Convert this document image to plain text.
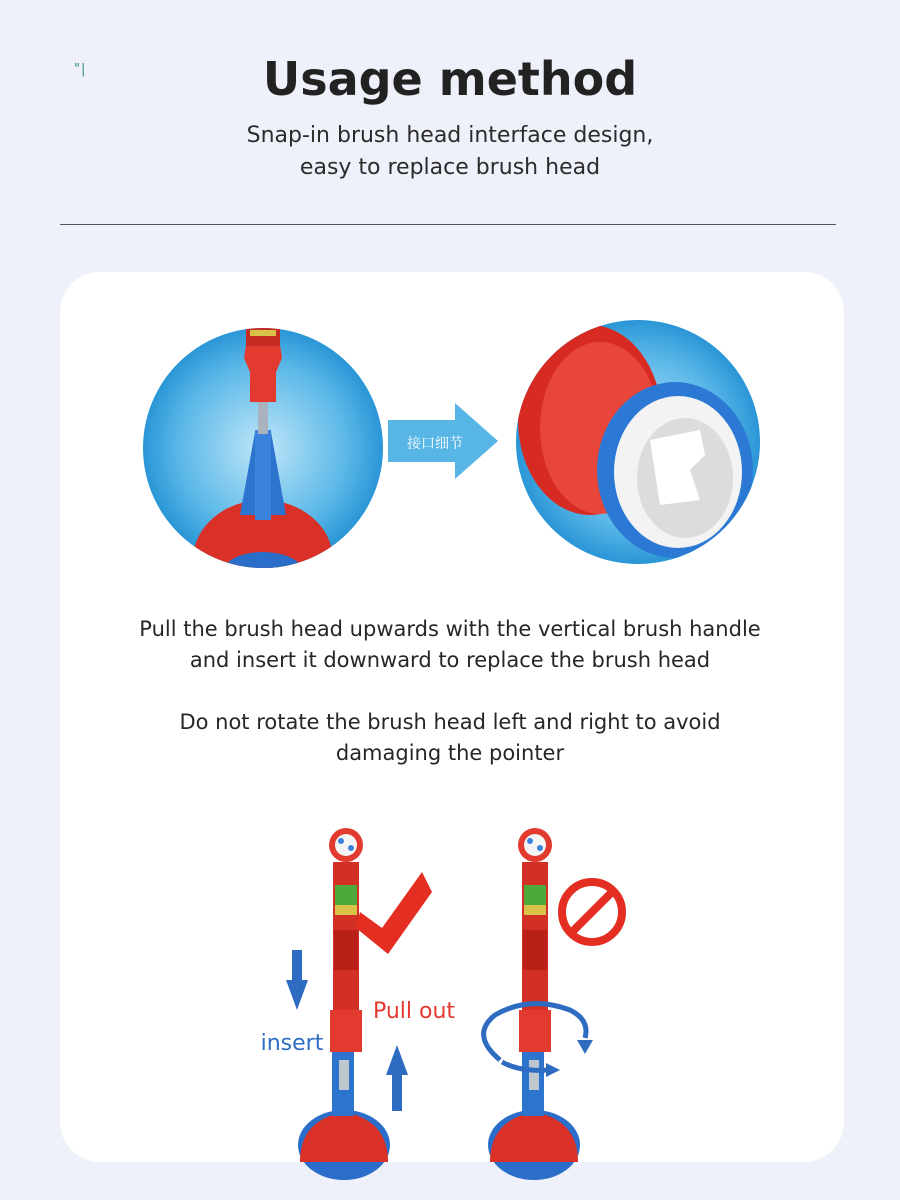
"|	Usage method
Snap-in brush head interface design,
easy to replace brush head
接口细节
Pull the brush head upwards with the vertical brush handle
and insert it downward to replace the brush head
Do not rotate the brush head left and right to avoid
damaging the pointer
Pull out
insert
